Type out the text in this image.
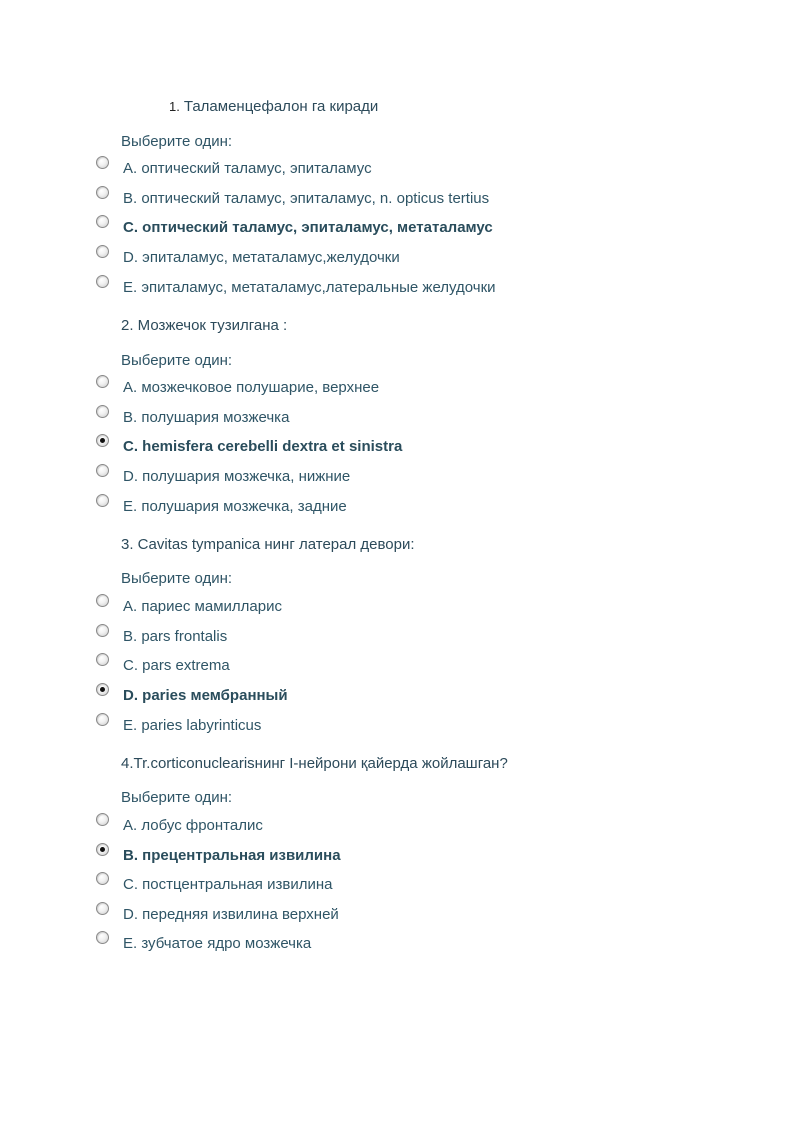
1. Таламенцефалон га киради
Выберите один:
A. оптический таламус, эпиталамус
B. оптический таламус, эпиталамус, n. opticus tertius
C. оптический таламус, эпиталамус, метаталамус
D. эпиталамус, метаталамус,желудочки
E. эпиталамус, метаталамус,латеральные желудочки
2. Мозжечок тузилгана :
Выберите один:
A. мозжечковое полушарие, верхнее
B. полушария мозжечка
C. hemisfera cerebelli dextra et sinistra
D. полушария мозжечка, нижние
E. полушария мозжечка, задние
3. Cavitas tympanica нинг латерал девори:
Выберите один:
A. париес мамилларис
B. pars frontalis
C. pars extrema
D. paries мембранный
E. paries labyrinticus
4.Tr.corticonuclearisнинг I-нейрони қайерда жойлашган?
Выберите один:
A. лобус фронталис
B. прецентральная извилина
C. постцентральная извилина
D. передняя извилина верхней
E. зубчатое ядро мозжечка
